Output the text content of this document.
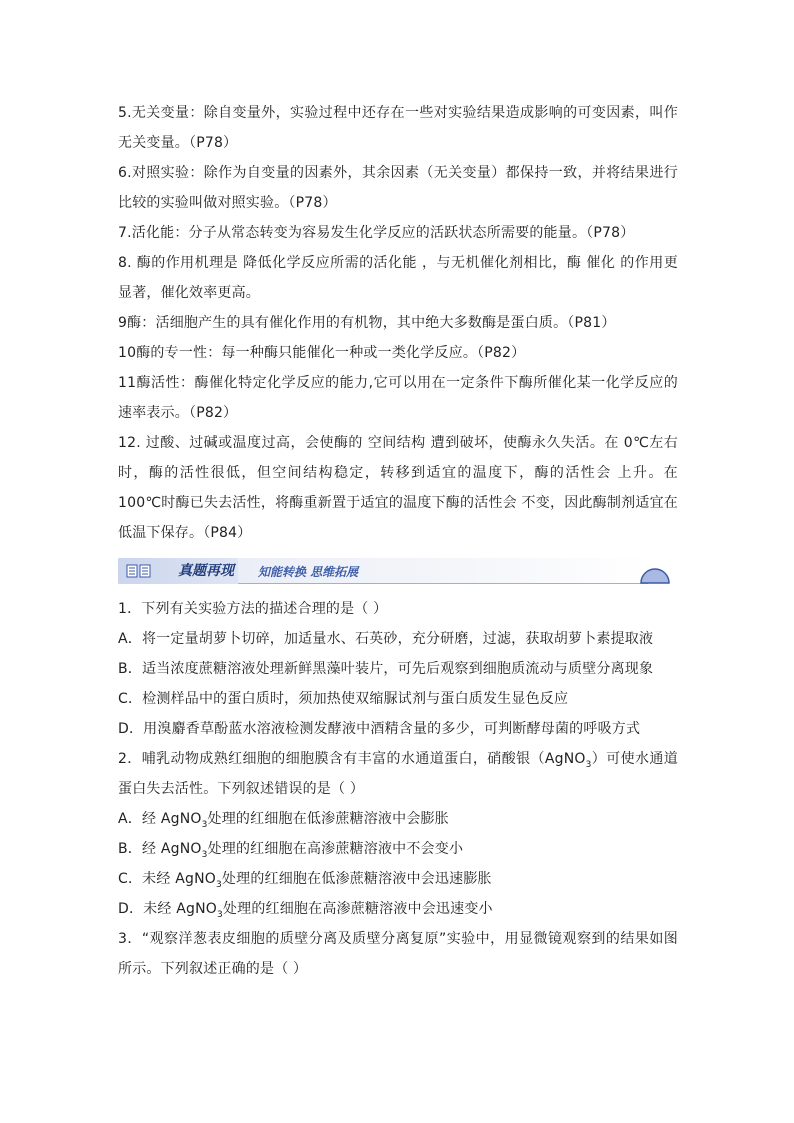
5.无关变量：除自变量外，实验过程中还存在一些对实验结果造成影响的可变因素，叫作无关变量。（P78）

6.对照实验：除作为自变量的因素外，其余因素（无关变量）都保持一致，并将结果进行比较的实验叫做对照实验。（P78）

7.活化能：分子从常态转变为容易发生化学反应的活跃状态所需要的能量。（P78）

8. 酶的作用机理是 降低化学反应所需的活化能 ，与无机催化剂相比，酶 催化 的作用更显著，催化效率更高。

9酶：活细胞产生的具有催化作用的有机物，其中绝大多数酶是蛋白质。（P81）

10酶的专一性：每一种酶只能催化一种或一类化学反应。（P82）

11酶活性：酶催化特定化学反应的能力,它可以用在一定条件下酶所催化某一化学反应的速率表示。（P82）

12. 过酸、过碱或温度过高，会使酶的 空间结构 遭到破坏，使酶永久失活。在 0℃左右时，酶的活性很低，但空间结构稳定，转移到适宜的温度下，酶的活性会 上升。在 100℃时酶已失去活性，将酶重新置于适宜的温度下酶的活性会 不变，因此酶制剂适宜在 低温下保存。（P84）

真题再现 知能转换 思维拓展

1．下列有关实验方法的描述合理的是（ ）

A．将一定量胡萝卜切碎，加适量水、石英砂，充分研磨，过滤，获取胡萝卜素提取液

B．适当浓度蔗糖溶液处理新鲜黑藻叶装片，可先后观察到细胞质流动与质壁分离现象

C．检测样品中的蛋白质时，须加热使双缩脲试剂与蛋白质发生显色反应

D．用溴麝香草酚蓝水溶液检测发酵液中酒精含量的多少，可判断酵母菌的呼吸方式

2．哺乳动物成熟红细胞的细胞膜含有丰富的水通道蛋白，硝酸银（AgNO$_3$）可使水通道蛋白失去活性。下列叙述错误的是（ ）

A．经 AgNO$_3$处理的红细胞在低渗蔗糖溶液中会膨胀

B．经 AgNO$_3$处理的红细胞在高渗蔗糖溶液中不会变小

C．未经 AgNO$_3$处理的红细胞在低渗蔗糖溶液中会迅速膨胀

D．未经 AgNO$_3$处理的红细胞在高渗蔗糖溶液中会迅速变小

3．“观察洋葱表皮细胞的质壁分离及质壁分离复原”实验中，用显微镜观察到的结果如图所示。下列叙述正确的是（ ）
